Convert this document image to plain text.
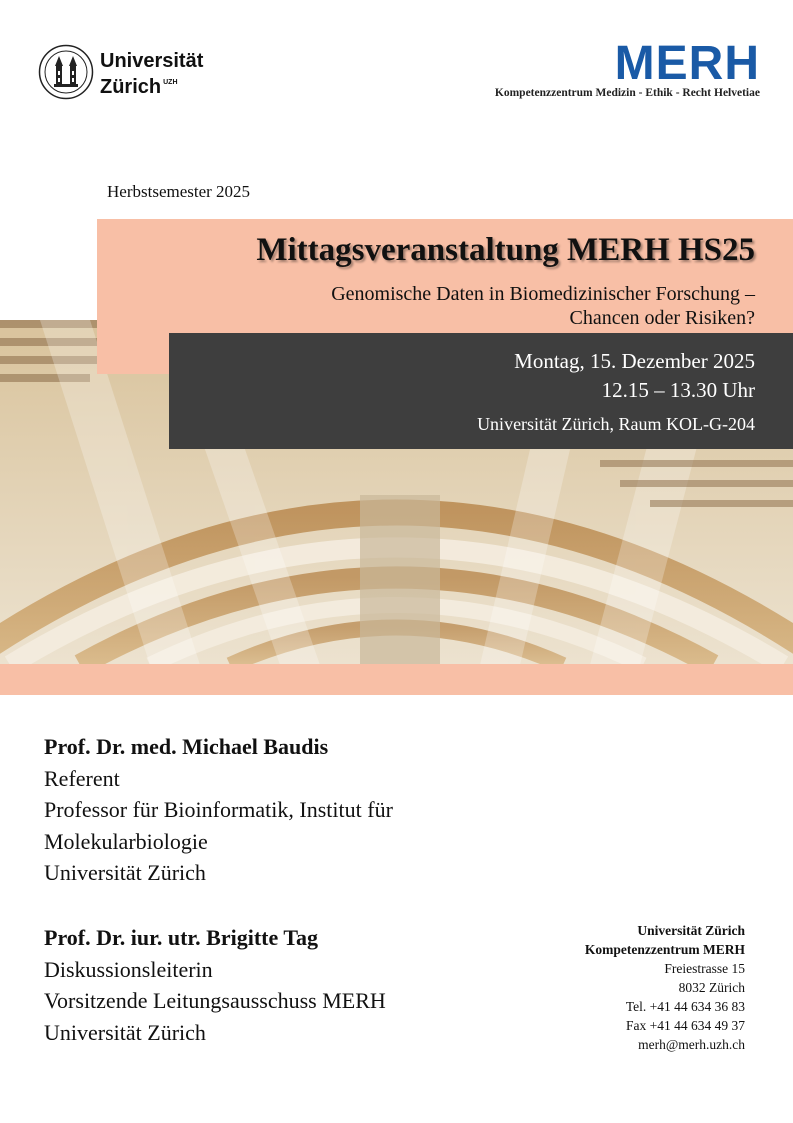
Universität
Zürich $^{UZH}$	MERH
Kompetenzzentrum Medizin - Ethik - Recht Helvetiae
Herbstsemester 2025
Mittagsveranstaltung MERH HS25
Genomische Daten in Biomedizinischer Forschung –
Chancen oder Risiken?
Montag, 15. Dezember 2025
12.15 – 13.30 Uhr
Universität Zürich, Raum KOL-G-204
Prof. Dr. med. Michael Baudis
Referent
Professor für Bioinformatik, Institut für
Molekularbiologie
Universität Zürich
Prof. Dr. iur. utr. Brigitte Tag
Diskussionsleiterin
Vorsitzende Leitungsausschuss MERH
Universität Zürich
Universität Zürich
Kompetenzzentrum MERH
Freiestrasse 15
8032 Zürich
Tel. +41 44 634 36 83
Fax +41 44 634 49 37
merh@merh.uzh.ch
